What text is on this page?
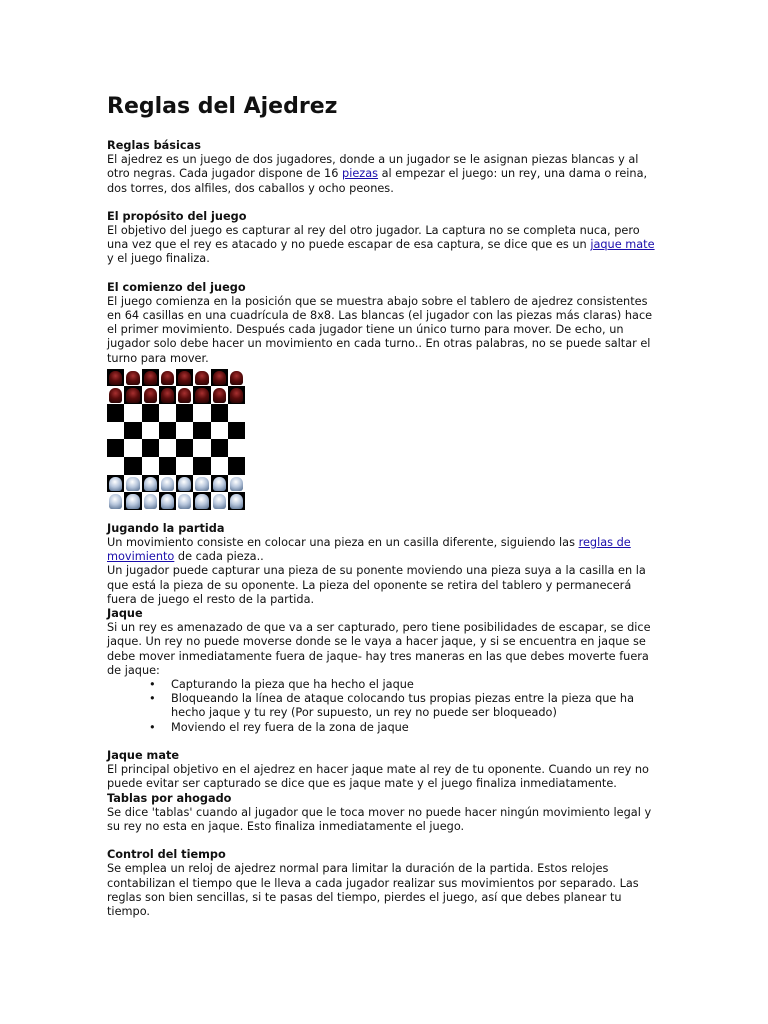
Reglas del Ajedrez
Reglas básicas

El ajedrez es un juego de dos jugadores, donde a un jugador se le asignan piezas blancas y al otro negras. Cada jugador dispone de 16 piezas al empezar el juego: un rey, una dama o reina, dos torres, dos alfiles, dos caballos y ocho peones.

El propósito del juego

El objetivo del juego es capturar al rey del otro jugador. La captura no se completa nuca, pero una vez que el rey es atacado y no puede escapar de esa captura, se dice que es un jaque mate y el juego finaliza.

El comienzo del juego

El juego comienza en la posición que se muestra abajo sobre el tablero de ajedrez consistentes en 64 casillas en una cuadrícula de 8x8. Las blancas (el jugador con las piezas más claras) hace el primer movimiento. Después cada jugador tiene un único turno para mover. De echo, un jugador solo debe hacer un movimiento en cada turno.. En otras palabras, no se puede saltar el turno para mover.

Jugando la partida

Un movimiento consiste en colocar una pieza en un casilla diferente, siguiendo las reglas de movimiento de cada pieza..

Un jugador puede capturar una pieza de su ponente moviendo una pieza suya a la casilla en la que está la pieza de su oponente. La pieza del oponente se retira del tablero y permanecerá fuera de juego el resto de la partida.

Jaque

Si un rey es amenazado de que va a ser capturado, pero tiene posibilidades de escapar, se dice jaque. Un rey no puede moverse donde se le vaya a hacer jaque, y si se encuentra en jaque se debe mover inmediatamente fuera de jaque- hay tres maneras en las que debes moverte fuera de jaque:

• Capturando la pieza que ha hecho el jaque
• Bloqueando la línea de ataque colocando tus propias piezas entre la pieza que ha hecho jaque y tu rey (Por supuesto, un rey no puede ser bloqueado)
• Moviendo el rey fuera de la zona de jaque
Jaque mate

El principal objetivo en el ajedrez en hacer jaque mate al rey de tu oponente. Cuando un rey no puede evitar ser capturado se dice que es jaque mate y el juego finaliza inmediatamente.

Tablas por ahogado

Se dice 'tablas' cuando al jugador que le toca mover no puede hacer ningún movimiento legal y su rey no esta en jaque. Esto finaliza inmediatamente el juego.

Control del tiempo

Se emplea un reloj de ajedrez normal para limitar la duración de la partida. Estos relojes contabilizan el tiempo que le lleva a cada jugador realizar sus movimientos por separado. Las reglas son bien sencillas, si te pasas del tiempo, pierdes el juego, así que debes planear tu tiempo.
